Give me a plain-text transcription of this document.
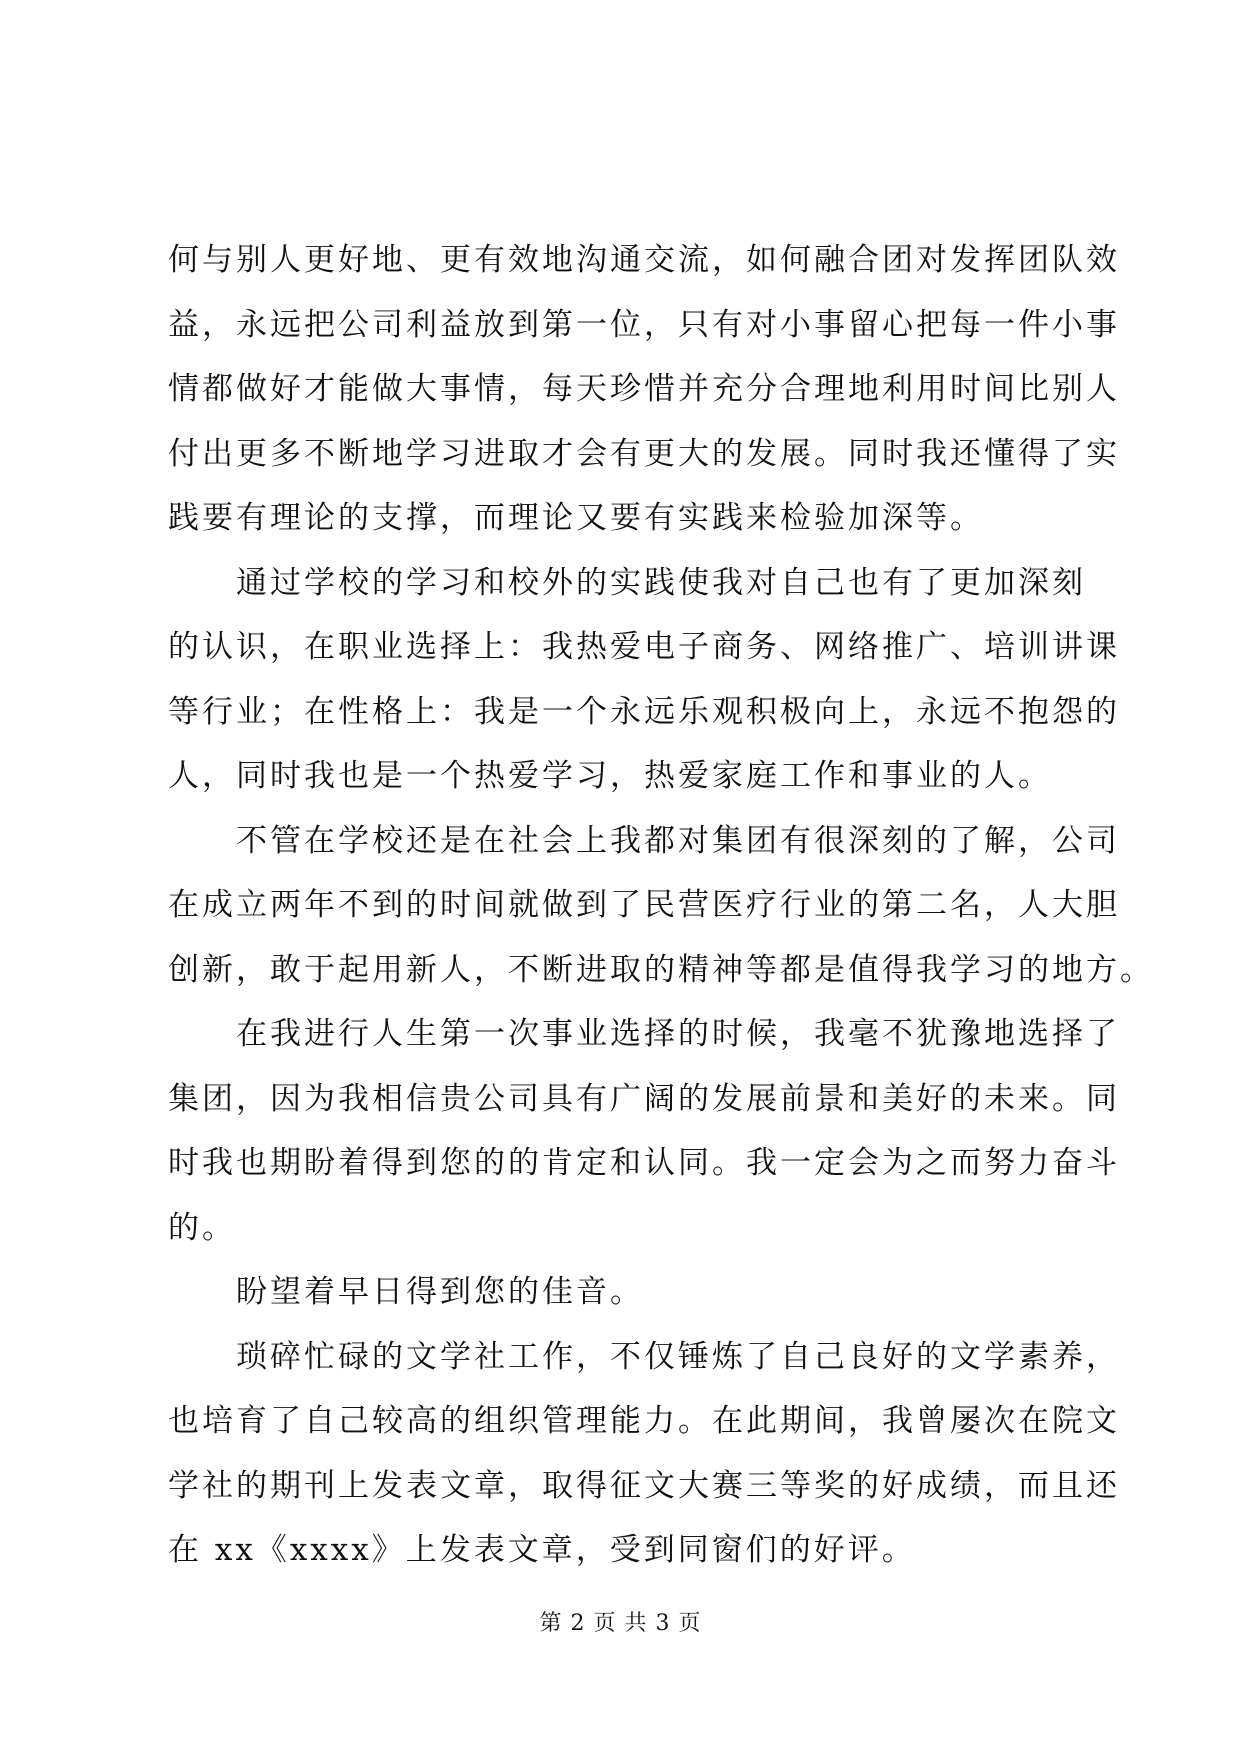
何与别人更好地、更有效地沟通交流，如何融合团对发挥团队效
益，永远把公司利益放到第一位，只有对小事留心把每一件小事
情都做好才能做大事情，每天珍惜并充分合理地利用时间比别人
付出更多不断地学习进取才会有更大的发展。同时我还懂得了实
践要有理论的支撑，而理论又要有实践来检验加深等。
　　通过学校的学习和校外的实践使我对自己也有了更加深刻
的认识，在职业选择上：我热爱电子商务、网络推广、培训讲课
等行业；在性格上：我是一个永远乐观积极向上，永远不抱怨的
人，同时我也是一个热爱学习，热爱家庭工作和事业的人。
　　不管在学校还是在社会上我都对集团有很深刻的了解，公司
在成立两年不到的时间就做到了民营医疗行业的第二名，人大胆
创新，敢于起用新人，不断进取的精神等都是值得我学习的地方。
　　在我进行人生第一次事业选择的时候，我毫不犹豫地选择了
集团，因为我相信贵公司具有广阔的发展前景和美好的未来。同
时我也期盼着得到您的的肯定和认同。我一定会为之而努力奋斗
的。
　　盼望着早日得到您的佳音。
　　琐碎忙碌的文学社工作，不仅锤炼了自己良好的文学素养，
也培育了自己较高的组织管理能力。在此期间，我曾屡次在院文
学社的期刊上发表文章，取得征文大赛三等奖的好成绩，而且还
在 xx《xxxx》上发表文章，受到同窗们的好评。
第 2 页 共 3 页
